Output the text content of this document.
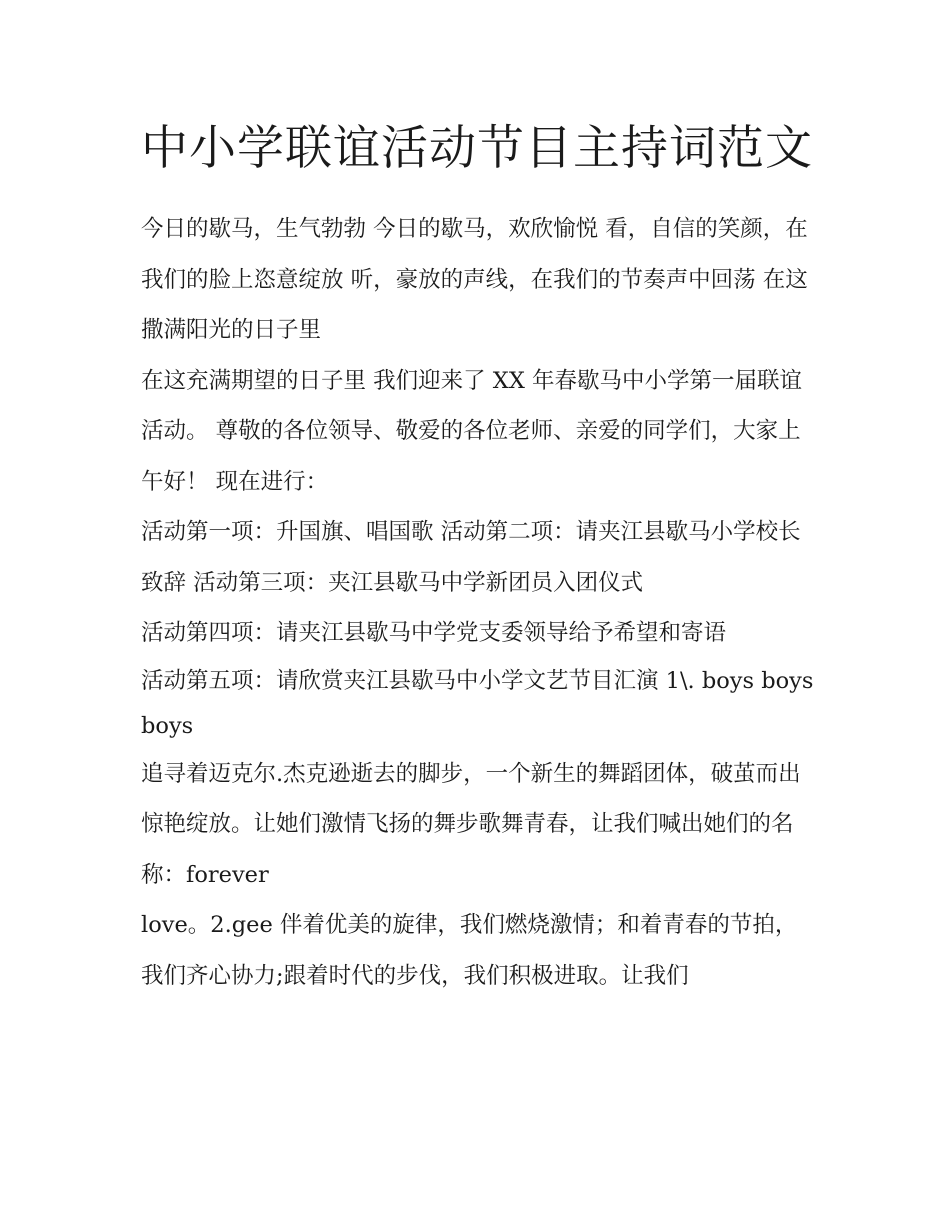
中小学联谊活动节目主持词范文

今日的歇马，生气勃勃 今日的歇马，欢欣愉悦 看，自信的笑颜，在我们的脸上恣意绽放 听，豪放的声线，在我们的节奏声中回荡 在这撒满阳光的日子里

在这充满期望的日子里 我们迎来了 XX 年春歇马中小学第一届联谊活动。 尊敬的各位领导、敬爱的各位老师、亲爱的同学们，大家上午好！ 现在进行：

活动第一项：升国旗、唱国歌 活动第二项：请夹江县歇马小学校长致辞 活动第三项：夹江县歇马中学新团员入团仪式

活动第四项：请夹江县歇马中学党支委领导给予希望和寄语

活动第五项：请欣赏夹江县歇马中小学文艺节目汇演 1\. boys boys boys

追寻着迈克尔.杰克逊逝去的脚步，一个新生的舞蹈团体，破茧而出惊艳绽放。让她们激情飞扬的舞步歌舞青春，让我们喊出她们的名称：forever

love。2.gee 伴着优美的旋律，我们燃烧激情；和着青春的节拍，我们齐心协力;跟着时代的步伐，我们积极进取。让我们
